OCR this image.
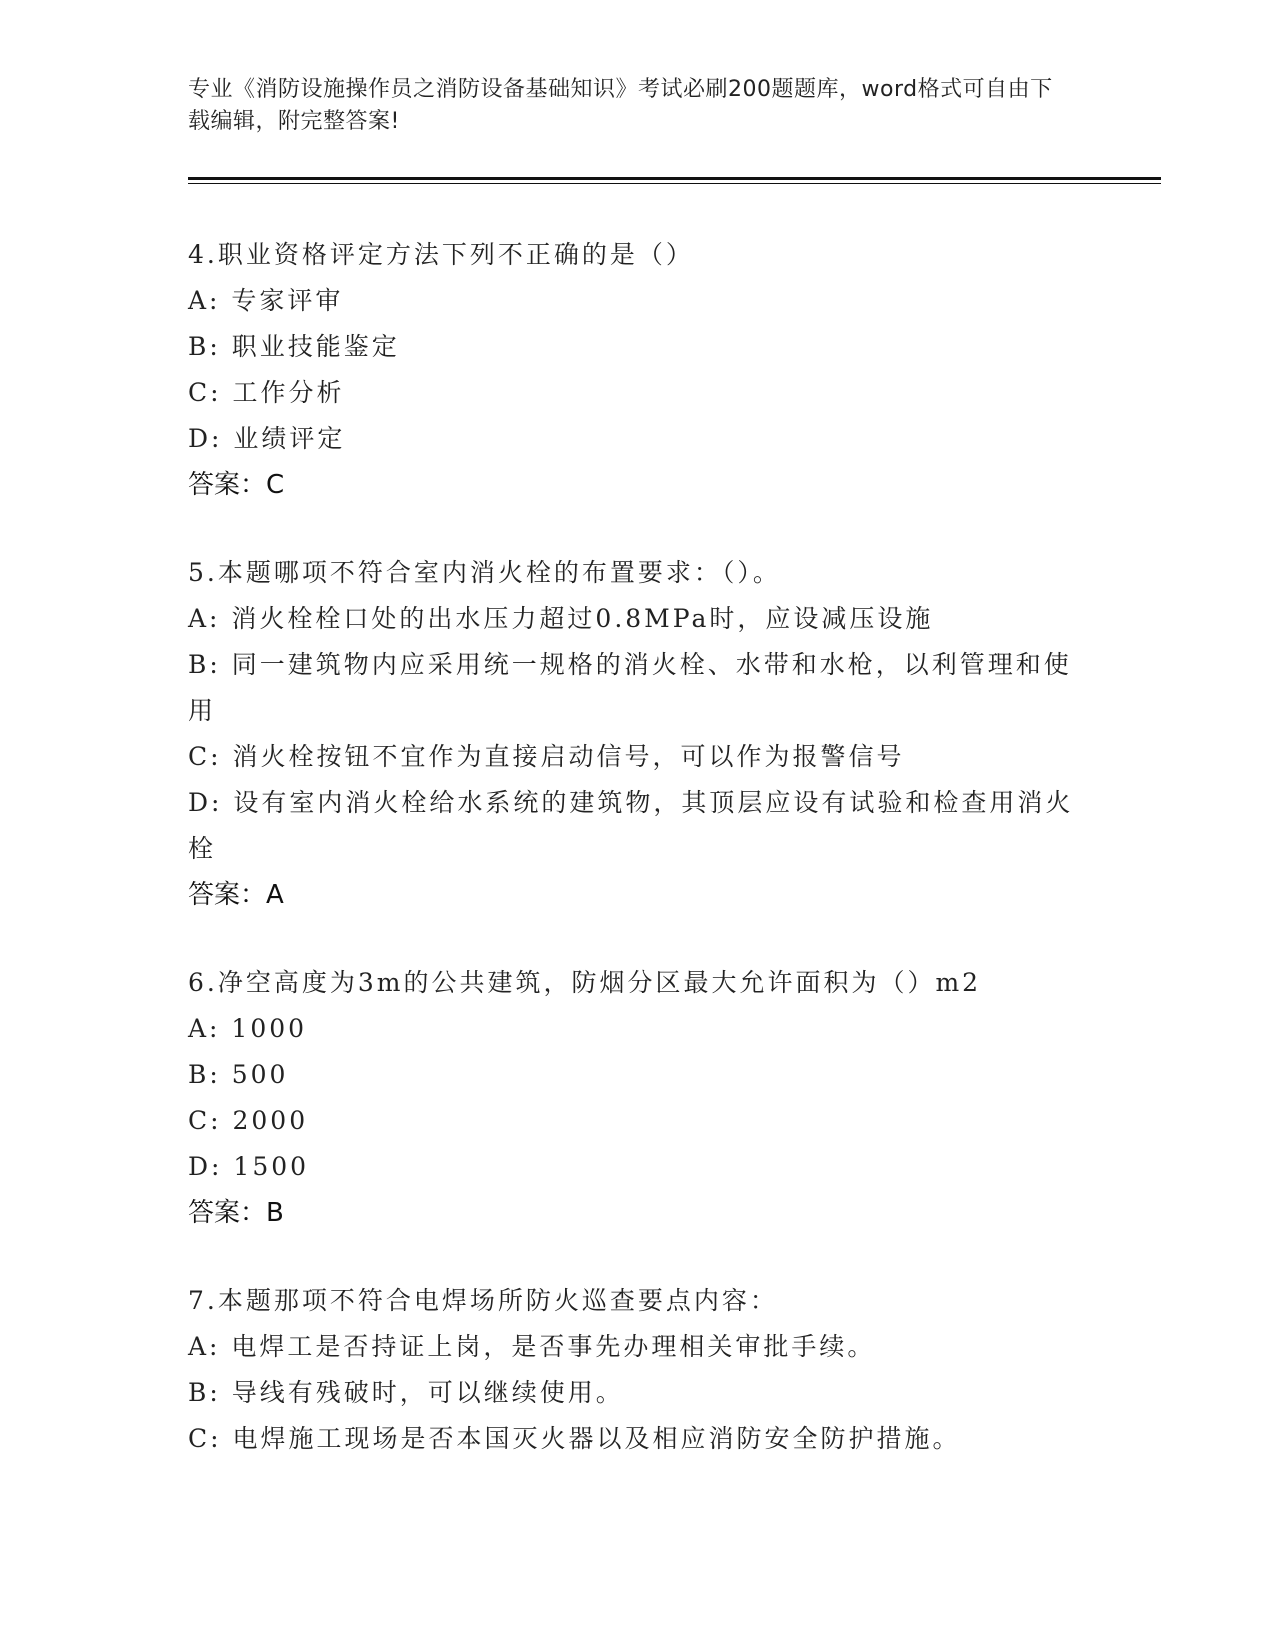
专业《消防设施操作员之消防设备基础知识》考试必刷200题题库，word格式可自由下载编辑，附完整答案!
4.职业资格评定方法下列不正确的是（）
A: 专家评审
B: 职业技能鉴定
C: 工作分析
D: 业绩评定
答案：C
5.本题哪项不符合室内消火栓的布置要求：（）。
A: 消火栓栓口处的出水压力超过0.8MPa时，应设减压设施
B: 同一建筑物内应采用统一规格的消火栓、水带和水枪，以利管理和使用
C: 消火栓按钮不宜作为直接启动信号，可以作为报警信号
D: 设有室内消火栓给水系统的建筑物，其顶层应设有试验和检查用消火栓
答案：A
6.净空高度为3m的公共建筑，防烟分区最大允许面积为（）m2
A: 1000
B: 500
C: 2000
D: 1500
答案：B
7.本题那项不符合电焊场所防火巡查要点内容：
A: 电焊工是否持证上岗，是否事先办理相关审批手续。
B: 导线有残破时，可以继续使用。
C: 电焊施工现场是否本国灭火器以及相应消防安全防护措施。
